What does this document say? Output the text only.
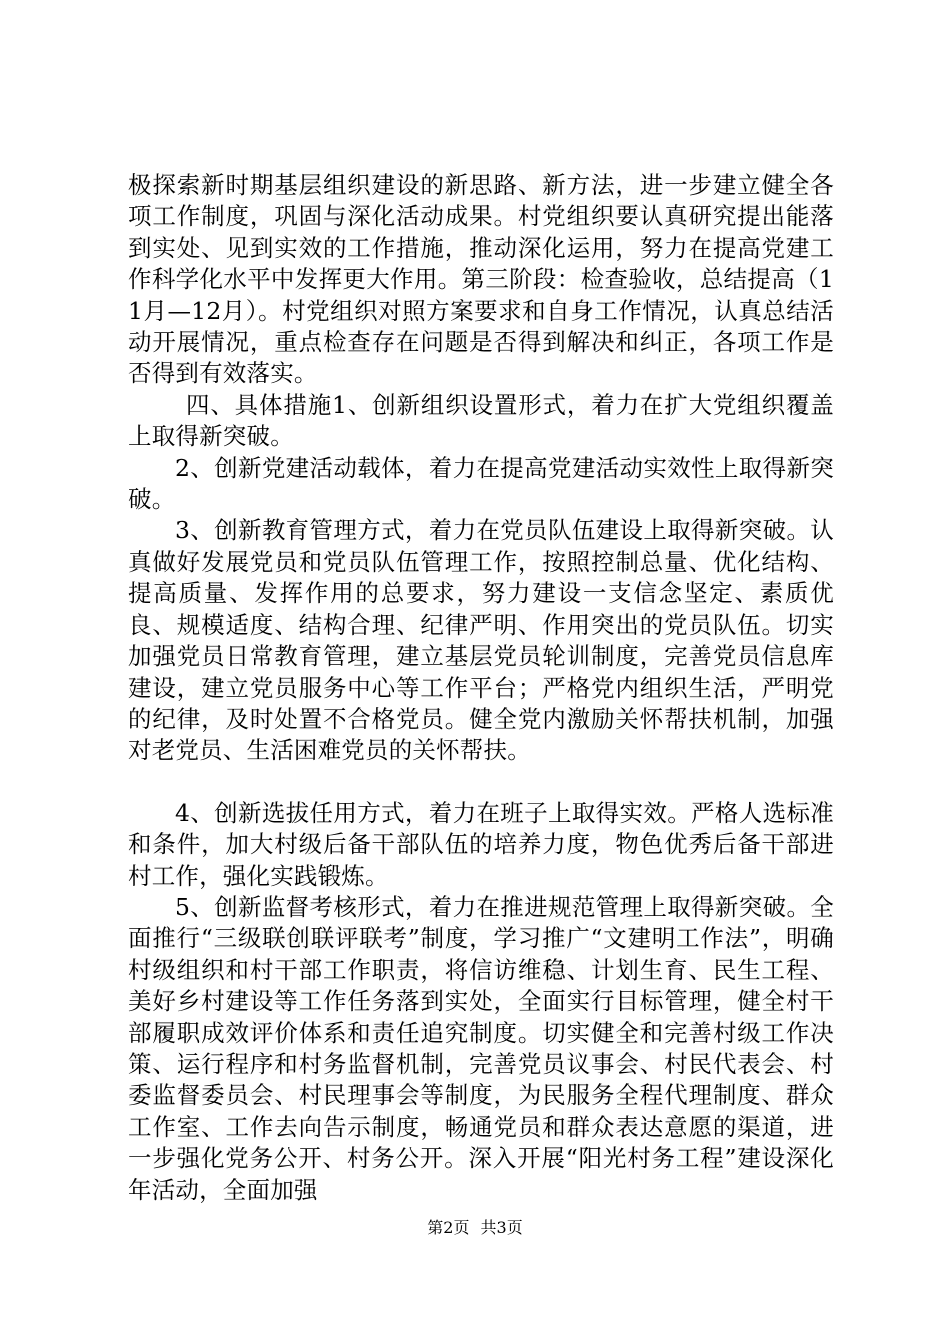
极探索新时期基层组织建设的新思路、新方法，进一步建立健全各项工作制度，巩固与深化活动成果。村党组织要认真研究提出能落到实处、见到实效的工作措施，推动深化运用，努力在提高党建工作科学化水平中发挥更大作用。第三阶段：检查验收，总结提高（11月—12月）。村党组织对照方案要求和自身工作情况，认真总结活动开展情况，重点检查存在问题是否得到解决和纠正，各项工作是否得到有效落实。

四、具体措施1、创新组织设置形式，着力在扩大党组织覆盖上取得新突破。

2、创新党建活动载体，着力在提高党建活动实效性上取得新突破。

3、创新教育管理方式，着力在党员队伍建设上取得新突破。认真做好发展党员和党员队伍管理工作，按照控制总量、优化结构、提高质量、发挥作用的总要求，努力建设一支信念坚定、素质优良、规模适度、结构合理、纪律严明、作用突出的党员队伍。切实加强党员日常教育管理，建立基层党员轮训制度，完善党员信息库建设，建立党员服务中心等工作平台；严格党内组织生活，严明党的纪律，及时处置不合格党员。健全党内激励关怀帮扶机制，加强对老党员、生活困难党员的关怀帮扶。

4、创新选拔任用方式，着力在班子上取得实效。严格人选标准和条件，加大村级后备干部队伍的培养力度，物色优秀后备干部进村工作，强化实践锻炼。

5、创新监督考核形式，着力在推进规范管理上取得新突破。全面推行“三级联创联评联考”制度，学习推广“文建明工作法”，明确村级组织和村干部工作职责，将信访维稳、计划生育、民生工程、美好乡村建设等工作任务落到实处，全面实行目标管理，健全村干部履职成效评价体系和责任追究制度。切实健全和完善村级工作决策、运行程序和村务监督机制，完善党员议事会、村民代表会、村委监督委员会、村民理事会等制度，为民服务全程代理制度、群众工作室、工作去向告示制度，畅通党员和群众表达意愿的渠道，进一步强化党务公开、村务公开。深入开展“阳光村务工程”建设深化年活动，全面加强

第2页 共3页
